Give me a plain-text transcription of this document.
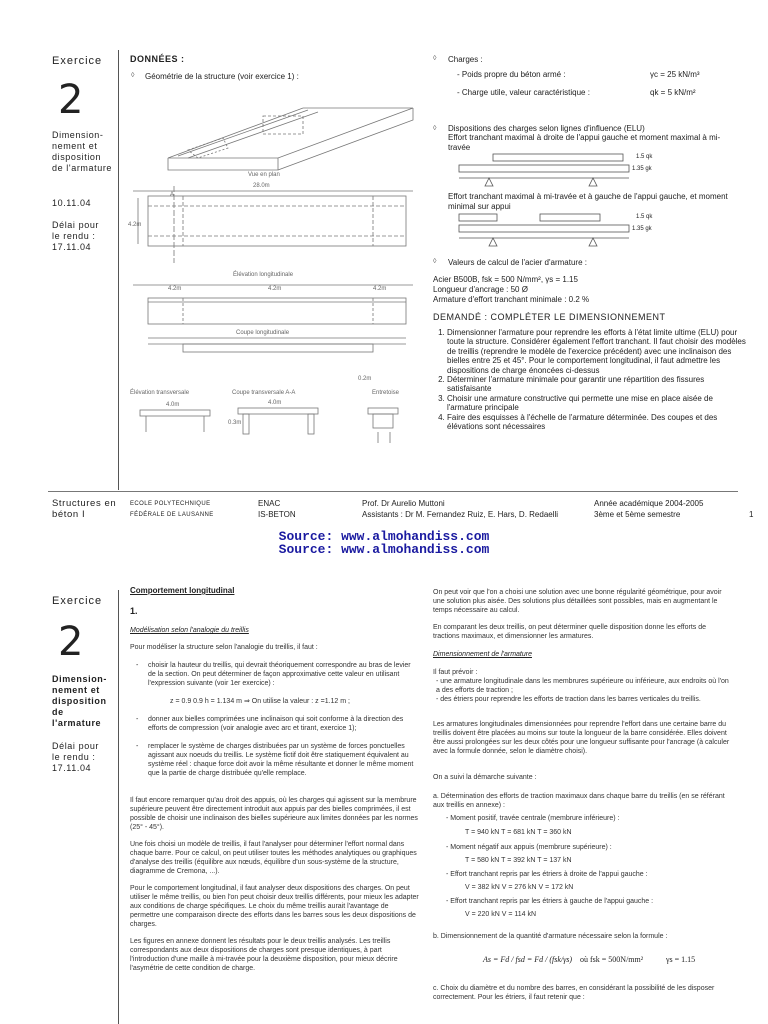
Exercice
2
Dimension- nement et disposition de l'armature
10.11.04
Délai pour le rendu : 17.11.04
DONNÉES :
◊ Géométrie de la structure (voir exercice 1) :
Vue en plan
28.0m
4.2m
A
Élévation longitudinale
4.2m	4.2m	4.2m
Coupe longitudinale
Élévation transversale	Coupe transversale A-A	Entretoise
4.0m	4.0m
0.3m
0.2m
◊ Charges :
- Poids propre du béton armé :	γc = 25 kN/m³
- Charge utile, valeur caractéristique :	qk = 5 kN/m²
◊ Dispositions des charges selon lignes d'influence (ELU)
Effort tranchant maximal à droite de l'appui gauche et moment maximal à mi-travée
1.5 qk
1.35 gk
Effort tranchant maximal à mi-travée et à gauche de l'appui gauche, et moment minimal sur appui
1.5 qk
1.35 gk
◊ Valeurs de calcul de l'acier d'armature :
Acier B500B, fsk = 500 N/mm², γs = 1.15
Longueur d'ancrage : 50 Ø
Armature d'effort tranchant minimale : 0.2 %
DEMANDÉ : COMPLÉTER LE DIMENSIONNEMENT
1. Dimensionner l'armature pour reprendre les efforts à l'état limite ultime (ELU) pour toute la structure. Considérer également l'effort tranchant. Il faut choisir des modèles de treillis (reprendre le modèle de l'exercice précédent) avec une inclinaison des bielles entre 25 et 45°. Pour le comportement longitudinal, il faut admettre les dispositions de charge énoncées ci-dessus
2. Déterminer l'armature minimale pour garantir une répartition des fissures satisfaisante
3. Choisir une armature constructive qui permette une mise en place aisée de l'armature principale
4. Faire des esquisses à l'échelle de l'armature déterminée. Des coupes et des élévations sont nécessaires
Structures en béton I
ECOLE POLYTECHNIQUE
FÉDÉRALE DE LAUSANNE
ENAC
IS-BETON
Prof. Dr Aurelio Muttoni
Assistants : Dr M. Fernandez Ruiz, E. Hars, D. Redaelli
Année académique 2004-2005
3ème et 5ème semestre	1
Source: www.almohandiss.com
Source: www.almohandiss.com
Exercice
2
Dimension- nement et disposition de l'armature
Délai pour le rendu : 17.11.04
Comportement longitudinal
1.
Modélisation selon l'analogie du treillis
Pour modéliser la structure selon l'analogie du treillis, il faut :
- choisir la hauteur du treillis, qui devrait théoriquement correspondre au bras de levier de la section. On peut déterminer de façon approximative cette valeur en utilisant l'expression suivante (voir 1er exercice) :
z = 0.9 0.9 h = 1.134 m ⇒ On utilise la valeur : z =1.12 m ;
- donner aux bielles comprimées une inclinaison qui soit conforme à la direction des efforts de compression (voir analogie avec arc et tirant, exercice 1);
- remplacer le système de charges distribuées par un système de forces ponctuelles agissant aux noeuds du treillis. Le système fictif doit être statiquement équivalent au système réel : chaque force doit avoir la même résultante et donner le même moment que la partie de charge distribuée qu'elle remplace.
Il faut encore remarquer qu'au droit des appuis, où les charges qui agissent sur la membrure supérieure peuvent être directement introduit aux appuis par des bielles comprimées, il est possible de choisir une inclinaison des bielles supérieure aux limites données par les normes (25° - 45°).
Une fois choisi un modèle de treillis, il faut l'analyser pour déterminer l'effort normal dans chaque barre. Pour ce calcul, on peut utiliser toutes les méthodes analytiques ou graphiques d'analyse des treillis (équilibre aux nœuds, équilibre d'un sous-système de la structure, diagramme de Cremona, ...).
Pour le comportement longitudinal, il faut analyser deux dispositions des charges. On peut utiliser le même treillis, ou bien l'on peut choisir deux treillis différents, pour mieux les adapter aux conditions de charge spécifiques. Le choix du même treillis aurait l'avantage de permettre une comparaison directe des efforts dans les barres sous les deux dispositions de charges.
Les figures en annexe donnent les résultats pour le deux treillis analysés. Les treillis correspondants aux deux dispositions de charges sont presque identiques, à part l'introduction d'une maille à mi-travée pour la deuxième disposition, pour mieux décrire l'asymétrie de cette condition de charge.
On peut voir que l'on a choisi une solution avec une bonne régularité géométrique, pour avoir une solution plus aisée. Des solutions plus détaillées sont possibles, mais en augmentant le temps nécessaire au calcul.
En comparant les deux treillis, on peut déterminer quelle disposition donne les efforts de tractions maximaux, et dimensionner les armatures.
Dimensionnement de l'armature
Il faut prévoir :
- une armature longitudinale dans les membrures supérieure ou inférieure, aux endroits où l'on a des efforts de traction ;
- des étriers pour reprendre les efforts de traction dans les barres verticales du treillis.
Les armatures longitudinales dimensionnées pour reprendre l'effort dans une certaine barre du treillis doivent être placées au moins sur toute la longueur de la barre considérée. Elles doivent être aussi prolongées sur les deux côtés pour une longueur suffisante pour l'ancrage (à calculer avec la formule donnée, selon le diamètre choisi).
On a suivi la démarche suivante :
a. Détermination des efforts de traction maximaux dans chaque barre du treillis (en se référant aux treillis en annexe) :
- Moment positif, travée centrale (membrure inférieure) :
T = 940 kN T = 681 kN T = 360 kN
- Moment négatif aux appuis (membrure supérieure) :
T = 580 kN T = 392 kN T = 137 kN
- Effort tranchant repris par les étriers à droite de l'appui gauche :
V = 382 kN V = 276 kN V = 172 kN
- Effort tranchant repris par les étriers à gauche de l'appui gauche :
V = 220 kN V = 114 kN
b. Dimensionnement de la quantité d'armature nécessaire selon la formule :
As = Fd / fsd = Fd / (fsk/γs) où fsk = 500N/mm²	γs = 1.15
c. Choix du diamètre et du nombre des barres, en considérant la possibilité de les disposer correctement. Pour les étriers, il faut retenir que :
